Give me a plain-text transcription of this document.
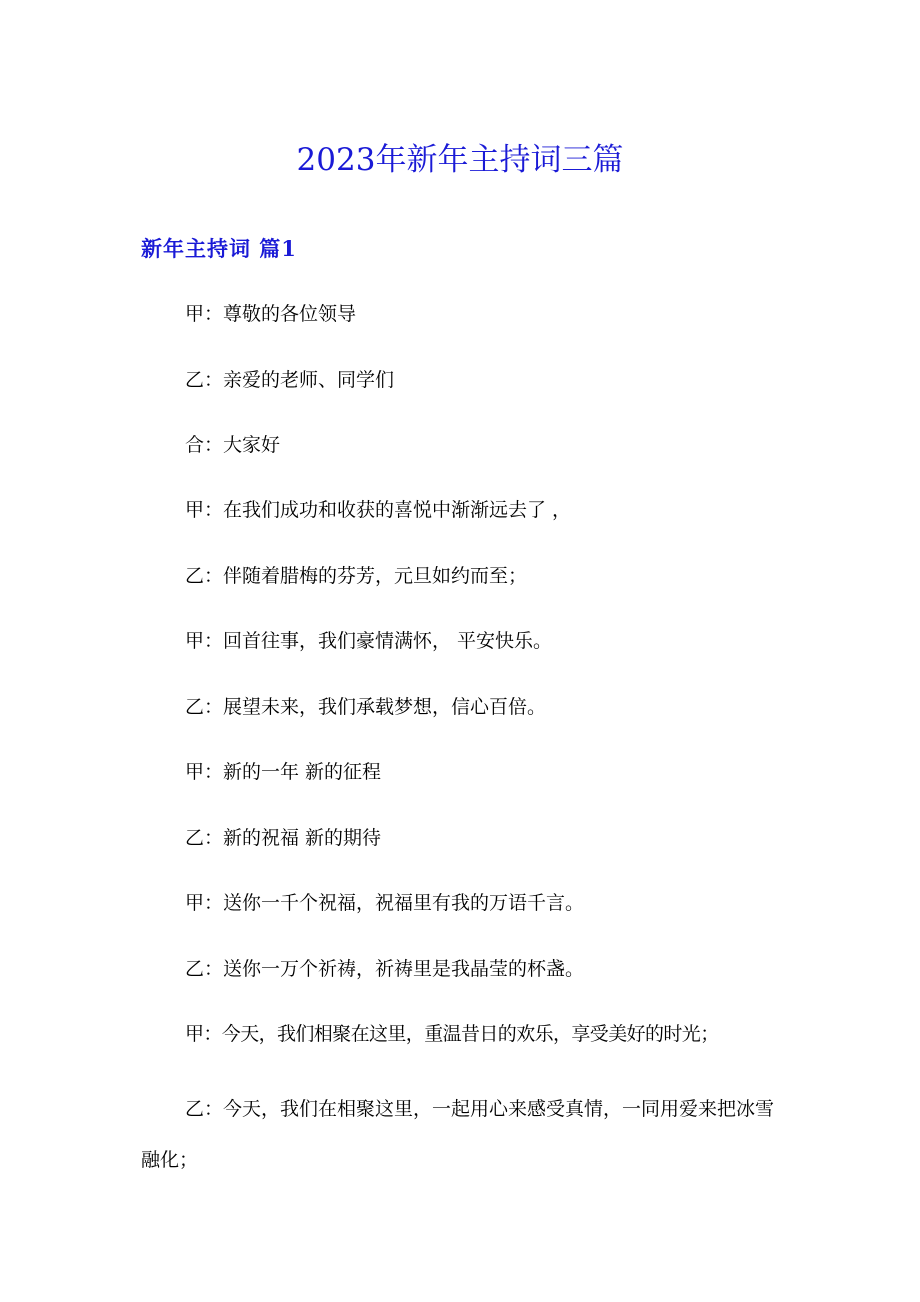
2023年新年主持词三篇
新年主持词 篇1

甲：尊敬的各位领导

乙：亲爱的老师、同学们

合：大家好

甲：在我们成功和收获的喜悦中渐渐远去了 ，

乙：伴随着腊梅的芬芳，元旦如约而至；

甲：回首往事，我们豪情满怀， 平安快乐。

乙：展望未来，我们承载梦想，信心百倍。

甲：新的一年 新的征程

乙：新的祝福 新的期待

甲：送你一千个祝福，祝福里有我的万语千言。

乙：送你一万个祈祷，祈祷里是我晶莹的杯盏。

甲：今天，我们相聚在这里，重温昔日的欢乐，享受美好的时光；

乙：今天，我们在相聚这里，一起用心来感受真情，一同用爱来把冰雪融化；
